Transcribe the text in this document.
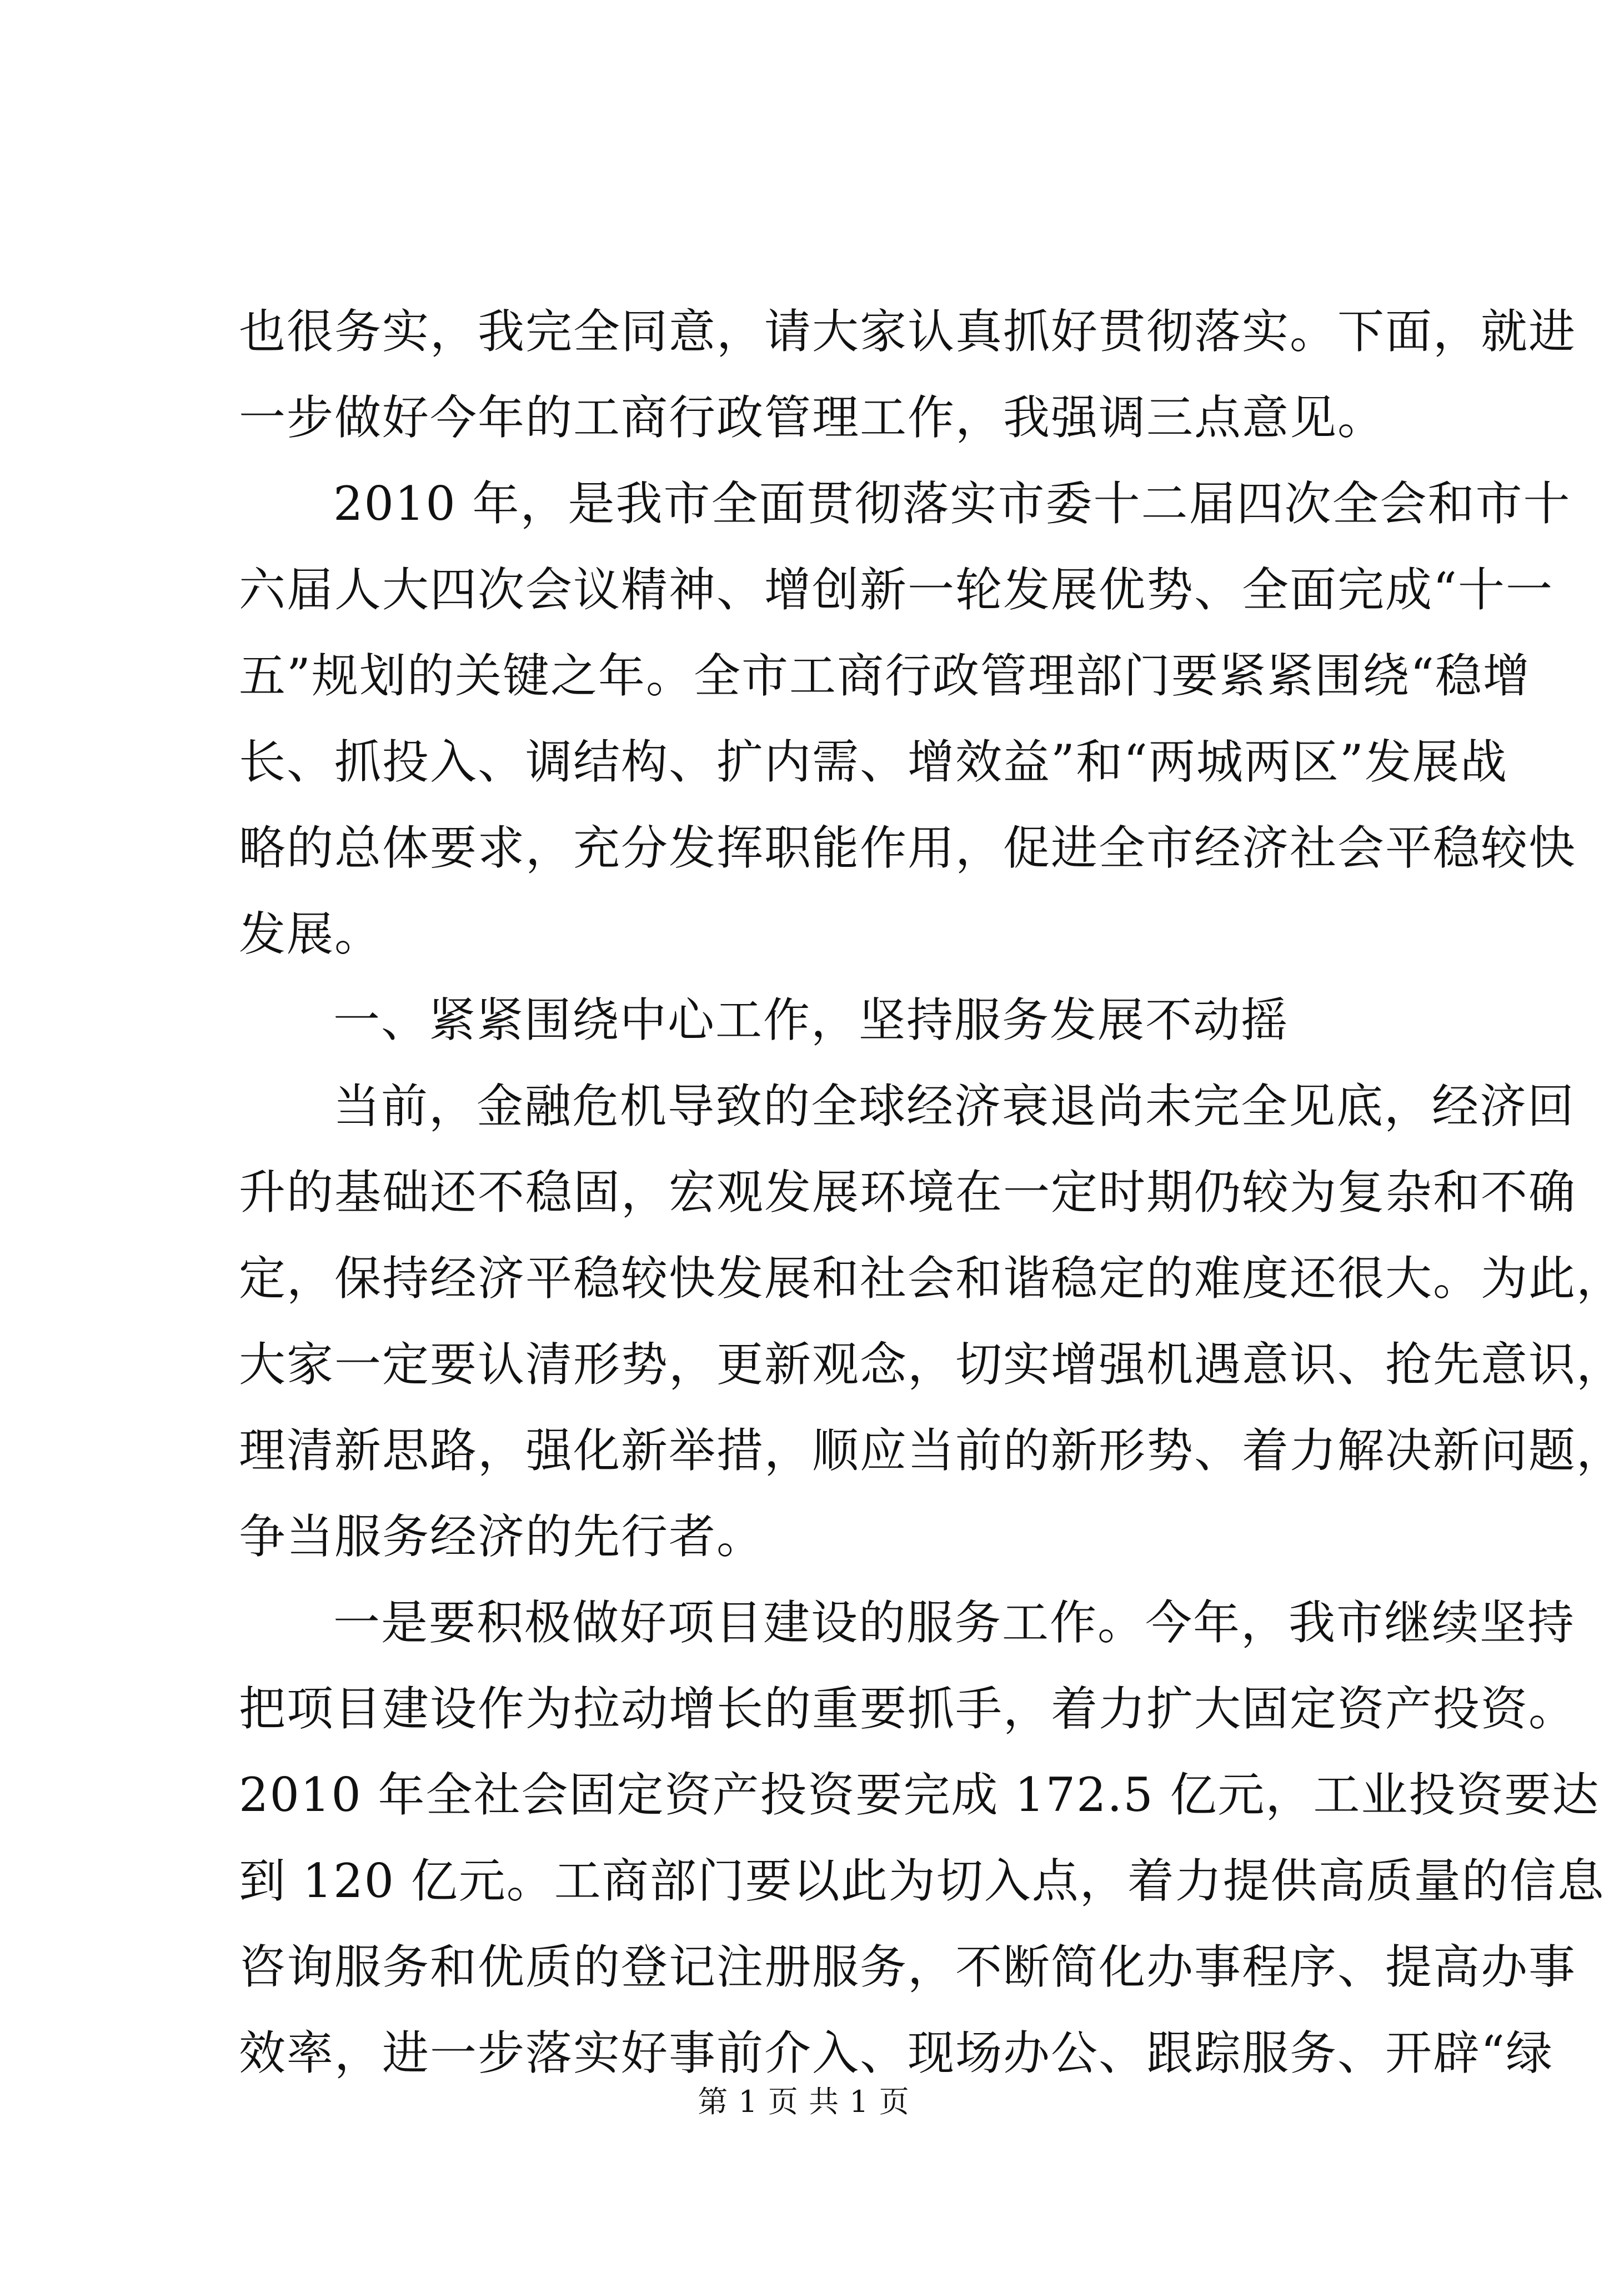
也很务实，我完全同意，请大家认真抓好贯彻落实。下面，就进
一步做好今年的工商行政管理工作，我强调三点意见。
2010 年，是我市全面贯彻落实市委十二届四次全会和市十
六届人大四次会议精神、增创新一轮发展优势、全面完成“十一
五”规划的关键之年。全市工商行政管理部门要紧紧围绕“稳增
长、抓投入、调结构、扩内需、增效益”和“两城两区”发展战
略的总体要求，充分发挥职能作用，促进全市经济社会平稳较快
发展。
一、紧紧围绕中心工作，坚持服务发展不动摇
当前，金融危机导致的全球经济衰退尚未完全见底，经济回
升的基础还不稳固，宏观发展环境在一定时期仍较为复杂和不确
定，保持经济平稳较快发展和社会和谐稳定的难度还很大。为此，
大家一定要认清形势，更新观念，切实增强机遇意识、抢先意识，
理清新思路，强化新举措，顺应当前的新形势、着力解决新问题，
争当服务经济的先行者。
一是要积极做好项目建设的服务工作。今年，我市继续坚持
把项目建设作为拉动增长的重要抓手，着力扩大固定资产投资。
2010 年全社会固定资产投资要完成 172.5 亿元，工业投资要达
到 120 亿元。工商部门要以此为切入点，着力提供高质量的信息
咨询服务和优质的登记注册服务，不断简化办事程序、提高办事
效率，进一步落实好事前介入、现场办公、跟踪服务、开辟“绿
第 1 页 共 1 页
